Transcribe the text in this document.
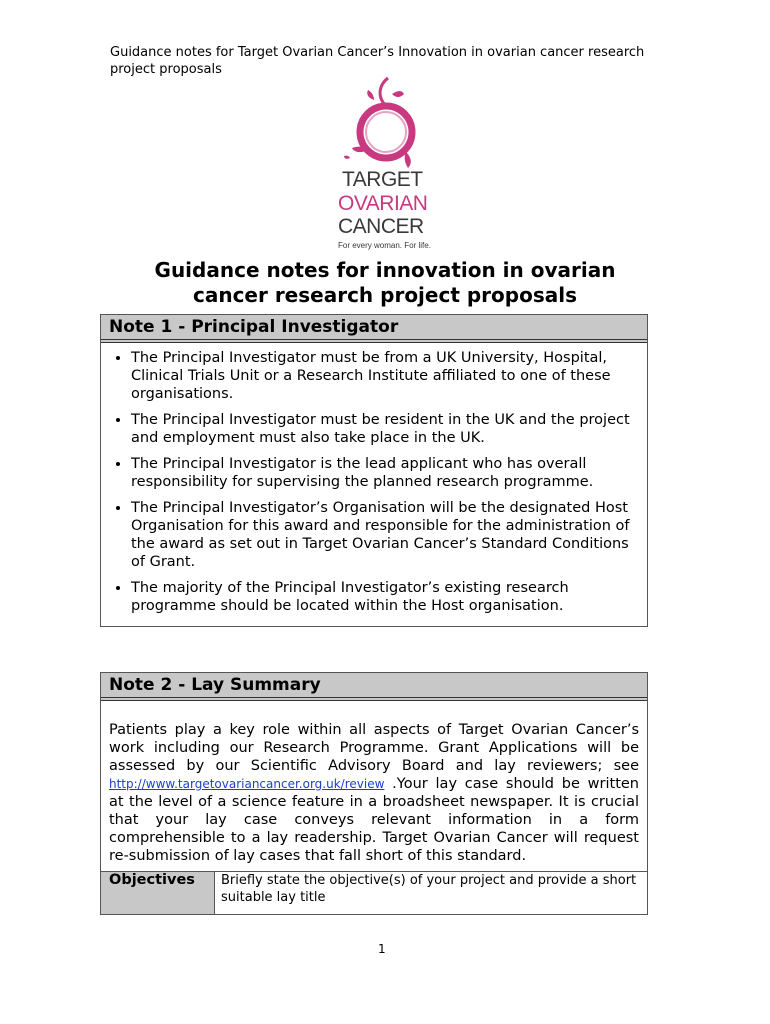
Guidance notes for Target Ovarian Cancer’s Innovation in ovarian cancer research
project proposals
TARGET
OVARIAN
CANCER
For every woman. For life.
Guidance notes for innovation in ovarian
cancer research project proposals
Note 1 - Principal Investigator
• The Principal Investigator must be from a UK University, Hospital, Clinical Trials Unit or a Research Institute affiliated to one of these organisations.
• The Principal Investigator must be resident in the UK and the project and employment must also take place in the UK.
• The Principal Investigator is the lead applicant who has overall responsibility for supervising the planned research programme.
• The Principal Investigator’s Organisation will be the designated Host Organisation for this award and responsible for the administration of the award as set out in Target Ovarian Cancer’s Standard Conditions of Grant.
• The majority of the Principal Investigator’s existing research programme should be located within the Host organisation.
Note 2 - Lay Summary
Patients play a key role within all aspects of Target Ovarian Cancer’s work including our Research Programme. Grant Applications will be assessed by our Scientific Advisory Board and lay reviewers; see http://www.targetovariancancer.org.uk/review .Your lay case should be written at the level of a science feature in a broadsheet newspaper. It is crucial that your lay case conveys relevant information in a form comprehensible to a lay readership. Target Ovarian Cancer will request re-submission of lay cases that fall short of this standard.
Objectives	Briefly state the objective(s) of your project and provide a short suitable lay title
1
